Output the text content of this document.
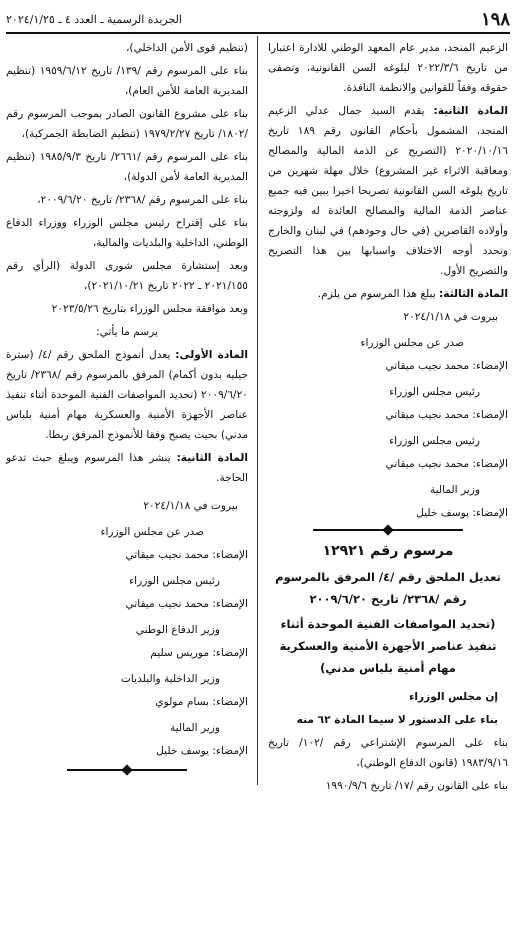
١٩٨
الجريدة الرسمية ـ العدد ٤ ـ ٢٠٢٤/١/٢٥

الزعيم المنجد، مدير عام المعهد الوطني للادارة اعتبارا من تاريخ ٢٠٢٢/٣/٦ لبلوغه السن القانونية، وتصفى حقوقه وفقاً للقوانين والانظمة النافذة.

المادة الثانية: يقدم السيد جمال عدلي الزعيم المنجد، المشمول بأحكام القانون رقم ١٨٩ تاريخ ٢٠٢٠/١٠/١٦ (التصريح عن الذمة المالية والمصالح ومعاقبة الاثراء غير المشروع) خلال مهلة شهرين من تاريخ بلوغه السن القانونية تصريحا اخيرا يبين فيه جميع عناصر الذمة المالية والمصالح العائدة له ولزوجته وأولاده القاصرين (في حال وجودهم) في لبنان والخارج وتحدد أوجه الاختلاف واسبابها بين هذا التصريح والتصريح الأول.

المادة الثالثة: يبلغ هذا المرسوم من يلزم.

بيروت في ٢٠٢٤/١/١٨

صدر عن مجلس الوزراء

الإمضاء: محمد نجيب ميقاتي

رئيس مجلس الوزراء

الإمضاء: محمد نجيب ميقاتي

رئيس مجلس الوزراء

الإمضاء: محمد نجيب ميقاتي

وزير المالية

الإمضاء: يوسف خليل

مرسوم رقم ١٢٩٢١

تعديل الملحق رقم /٤/ المرفق بالمرسوم رقم /٢٣٦٨/ تاريخ ٢٠٠٩/٦/٢٠

(تحديد المواصفات الفنية الموحدة أثناء تنفيذ عناصر الأجهزة الأمنية والعسكرية مهام أمنية بلباس مدني)

إن مجلس الوزراء

بناء على الدستور لا سيما المادة ٦٢ منه

بناء على المرسوم الإشتراعي رقم /١٠٢/ تاريخ ١٩٨٣/٩/١٦ (قانون الدفاع الوطني)،

بناء على القانون رقم /١٧/ تاريخ ١٩٩٠/٩/٦

(تنظيم قوى الأمن الداخلي)،

بناء على المرسوم رقم /١٣٩/ تاريخ ١٩٥٩/٦/١٢ (تنظيم المديرية العامة للأمن العام)،

بناء على مشروع القانون الصادر بموجب المرسوم رقم /١٨٠٢/ تاريخ ١٩٧٩/٢/٢٧ (تنظيم الضابطة الجمركية)،

بناء على المرسوم رقم /٢٦٦١/ تاريخ ١٩٨٥/٩/٣ (تنظيم المديرية العامة لأمن الدولة)،

بناء على المرسوم رقم /٢٣٦٨/ تاريخ ٢٠٠٩/٦/٢٠،

بناء على إقتراح رئيس مجلس الوزراء ووزراء الدفاع الوطني، الداخلية والبلديات والمالية،

وبعد إستشارة مجلس شورى الدولة (الرأي رقم ٢٠٢١/١٥٥ ـ ٢٠٢٢ تاريخ ٢٠٢١/١٠/٢١)،

وبعد موافقة مجلس الوزراء بتاريخ ٢٠٢٣/٥/٢٦

يرسم ما يأتي:

المادة الأولى: يعدل أنموذج الملحق رقم /٤/ (سترة جيليه بدون أكمام) المرفق بالمرسوم رقم /٢٣٦٨/ تاريخ ٢٠٠٩/٦/٢٠ (تحديد المواصفات الفنية الموحدة أثناء تنفيذ عناصر الأجهزة الأمنية والعسكرية مهام أمنية بلباس مدني) بحيث يصبح وفقا للأنموذج المرفق ربطا.

المادة الثانية: ينشر هذا المرسوم ويبلغ حيث تدعو الحاجة.

بيروت في ٢٠٢٤/١/١٨

صدر عن مجلس الوزراء

الإمضاء: محمد نجيب ميقاتي

رئيس مجلس الوزراء

الإمضاء: محمد نجيب ميقاتي

وزير الدفاع الوطني

الإمضاء: موريس سليم

وزير الداخلية والبلديات

الإمضاء: بسام مولوي

وزير المالية

الإمضاء: يوسف خليل
